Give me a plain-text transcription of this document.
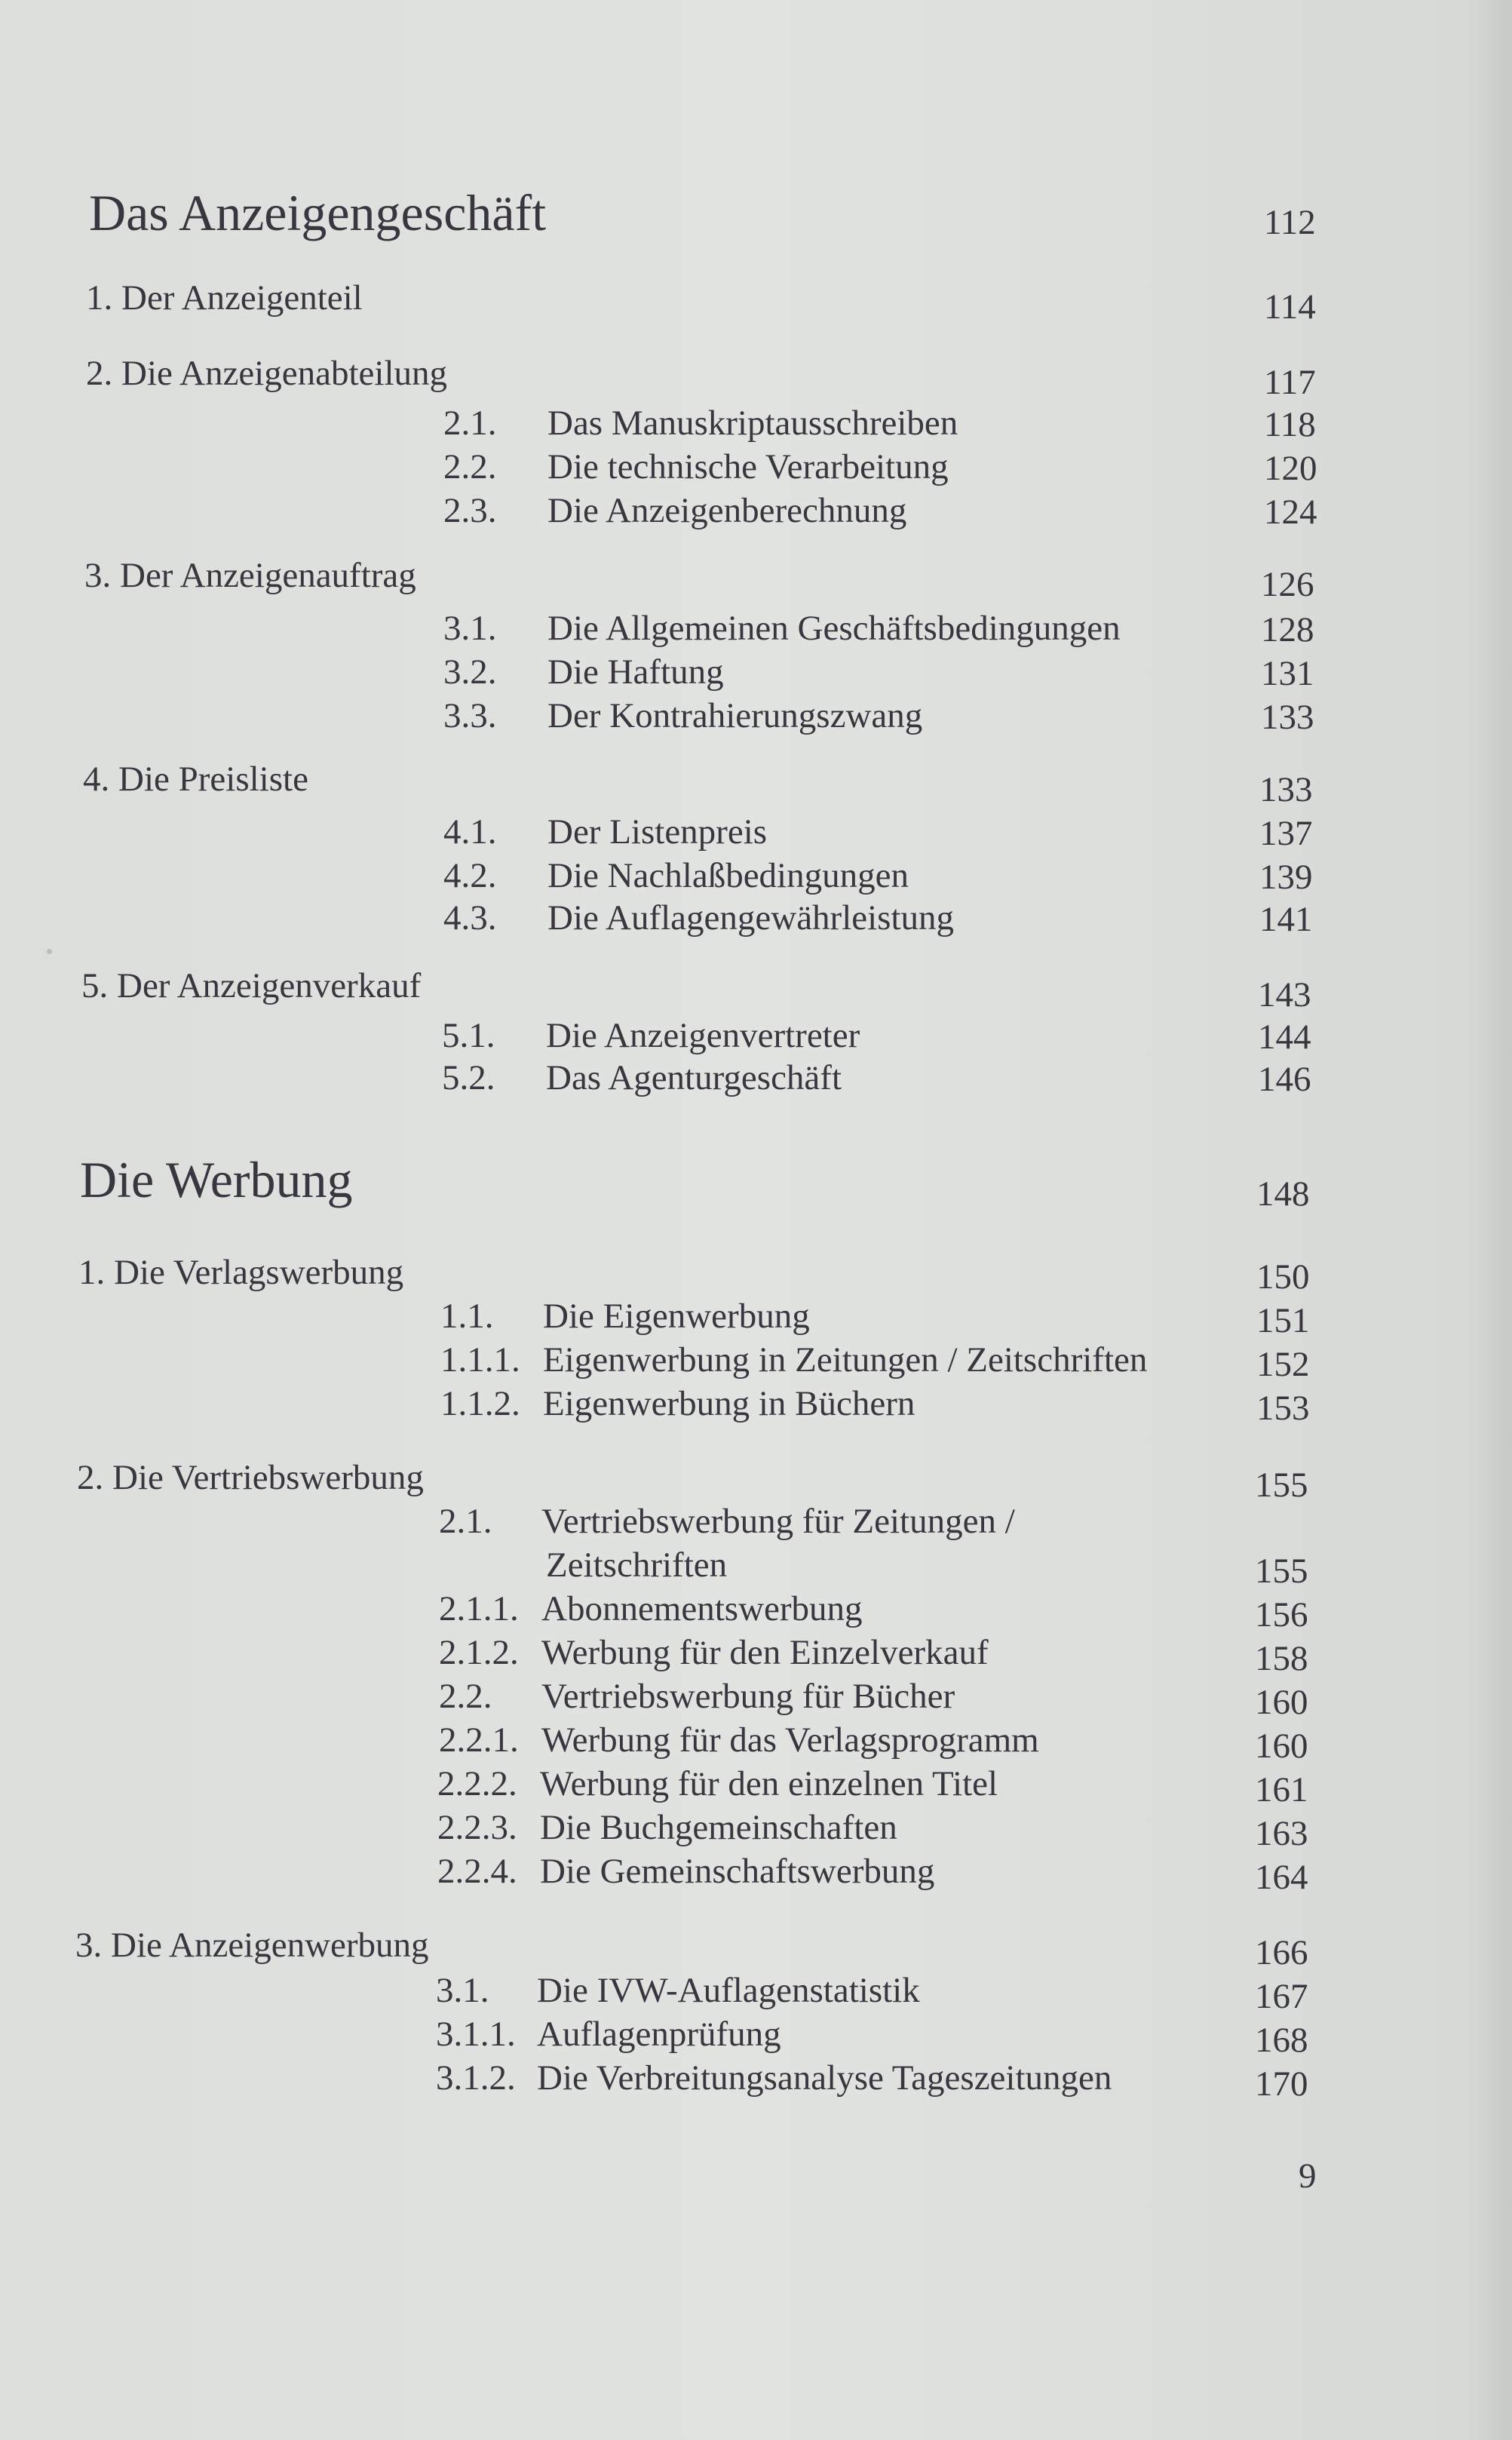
Das Anzeigengeschäft	112
1. Der Anzeigenteil	114
2. Die Anzeigenabteilung	117
2.1. Das Manuskriptausschreiben	118
2.2. Die technische Verarbeitung	120
2.3. Die Anzeigenberechnung	124
3. Der Anzeigenauftrag	126
3.1. Die Allgemeinen Geschäftsbedingungen	128
3.2. Die Haftung	131
3.3. Der Kontrahierungszwang	133
4. Die Preisliste	133
4.1. Der Listenpreis	137
4.2. Die Nachlaßbedingungen	139
4.3. Die Auflagengewährleistung	141
5. Der Anzeigenverkauf	143
5.1. Die Anzeigenvertreter	144
5.2. Das Agenturgeschäft	146
Die Werbung	148
1. Die Verlagswerbung	150
1.1. Die Eigenwerbung	151
1.1.1. Eigenwerbung in Zeitungen / Zeitschriften	152
1.1.2. Eigenwerbung in Büchern	153
2. Die Vertriebswerbung	155
2.1. Vertriebswerbung für Zeitungen /
Zeitschriften	155
2.1.1. Abonnementswerbung	156
2.1.2. Werbung für den Einzelverkauf	158
2.2. Vertriebswerbung für Bücher	160
2.2.1. Werbung für das Verlagsprogramm	160
2.2.2. Werbung für den einzelnen Titel	161
2.2.3. Die Buchgemeinschaften	163
2.2.4. Die Gemeinschaftswerbung	164
3. Die Anzeigenwerbung	166
3.1. Die IVW-Auflagenstatistik	167
3.1.1. Auflagenprüfung	168
3.1.2. Die Verbreitungsanalyse Tageszeitungen	170
9
